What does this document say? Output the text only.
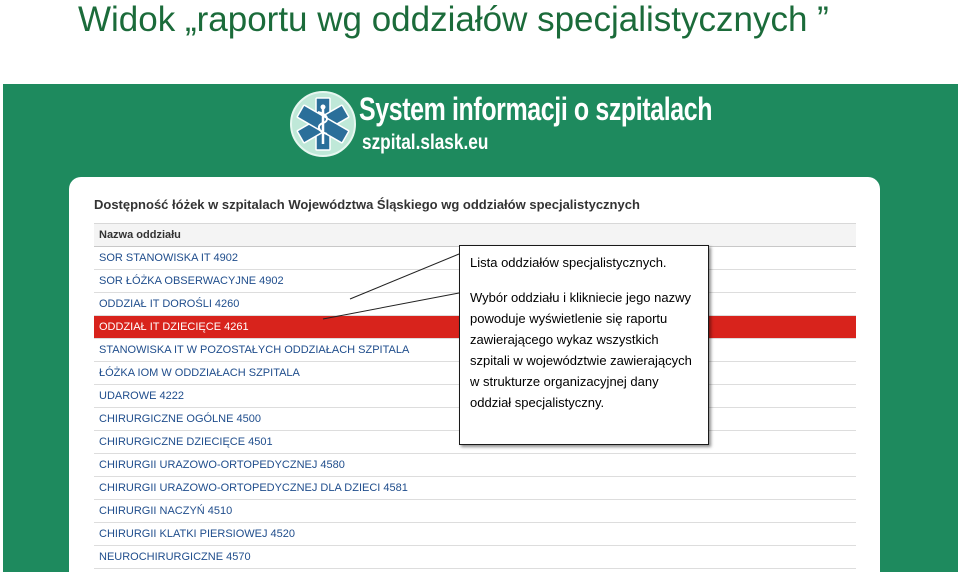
Widok „raportu wg oddziałów specjalistycznych ”
System informacji o szpitalach
szpital.slask.eu
Dostępność łóżek w szpitalach Województwa Śląskiego wg oddziałów specjalistycznych
Nazwa oddziału
SOR STANOWISKA IT 4902
SOR ŁÓŻKA OBSERWACYJNE 4902
ODDZIAŁ IT DOROŚLI 4260
ODDZIAŁ IT DZIECIĘCE 4261
STANOWISKA IT W POZOSTAŁYCH ODDZIAŁACH SZPITALA
ŁÓŻKA IOM W ODDZIAŁACH SZPITALA
UDAROWE 4222
CHIRURGICZNE OGÓLNE 4500
CHIRURGICZNE DZIECIĘCE 4501
CHIRURGII URAZOWO-ORTOPEDYCZNEJ 4580
CHIRURGII URAZOWO-ORTOPEDYCZNEJ DLA DZIECI 4581
CHIRURGII NACZYŃ 4510
CHIRURGII KLATKI PIERSIOWEJ 4520
NEUROCHIRURGICZNE 4570
Lista oddziałów specjalistycznych.
Wybór oddziału i klikniecie jego nazwy powoduje wyświetlenie się raportu zawierającego wykaz wszystkich szpitali w województwie zawierających w strukturze organizacyjnej dany oddział specjalistyczny.
